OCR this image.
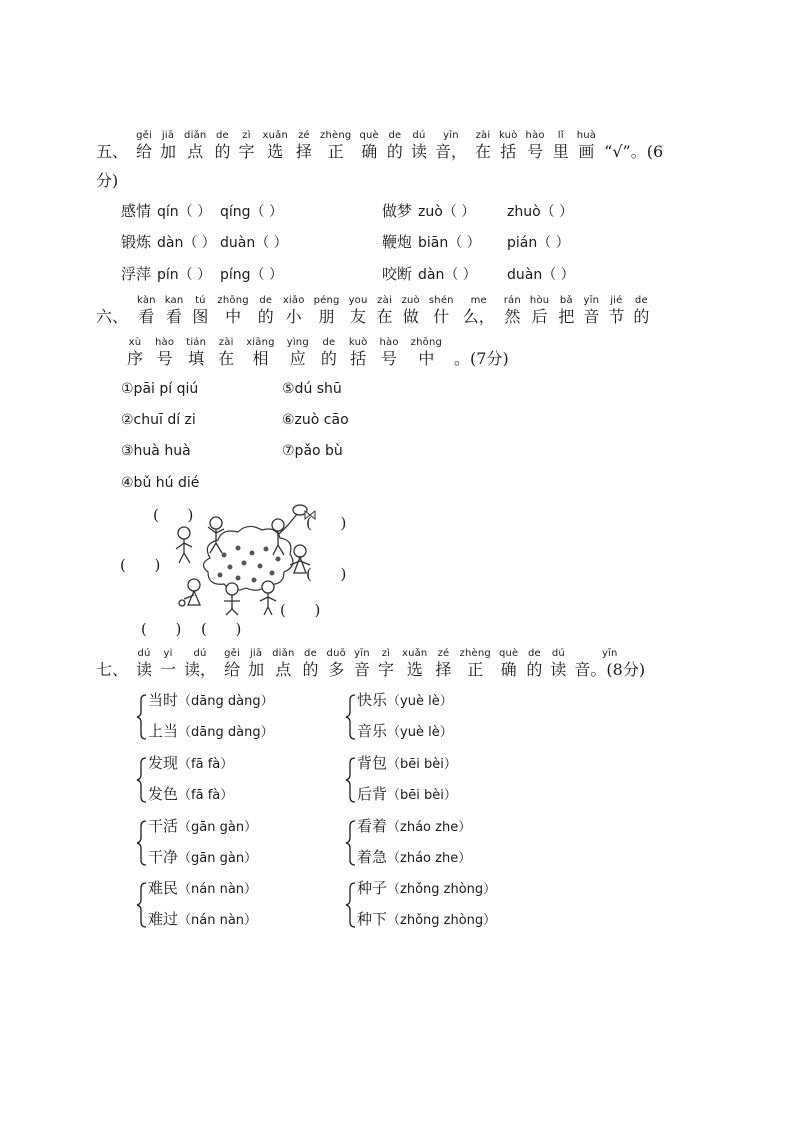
五、
gěi
给
jiā
加
diǎn
点
de
的
zì
字
xuǎn
选
zé
择
zhèng
正
què
确
de
的
dú
读
yīn
音，
zài
在
kuò
括
hào
号
lǐ
里
huà
画 “√”。(6
分)
感情 qín（ ） qíng（ ）	做梦 zuò（ ） zhuò（ ）
锻炼 dàn（ ） duàn（ ）	鞭炮 biān（ ） pián（ ）
浮萍 pín（ ） píng（ ）	咬断 dàn（ ） duàn（ ）
六、
kàn
看
kan
看
tú
图
zhōng
中
de
的
xiǎo
小
péng
朋
you
友
zài
在
zuò
做
shén
什
me
么，
rán
然
hòu
后
bǎ
把
yīn
音
jié
节
de
的
xù
序
hào
号
tián
填
zài
在
xiāng
相
yìng
应
de
的
kuò
括
hào
号
zhōng
中 。(7分)
①pāi pí qiú
②chuī dí zi
③huà huà
④bǔ hú dié
⑤dú shū
⑥zuò cāo
⑦pǎo bù
(      )	(      )
(      )	(      )
(      )
(      ) (      )
七、
dú
读
yi
一
dú
读，
gěi
给
jiā
加
diǎn
点
de
的
duō
多
yīn
音
zì
字
xuǎn
选
zé
择
zhèng
正
què
确
de
的
dú
读
yīn
音。(8分)
当时（dāng dàng）
上当（dāng dàng）
快乐（yuè lè）
音乐（yuè lè）
发现（fā fà）
发色（fā fà）
背包（bēi bèi）
后背（bēi bèi）
干活（gān gàn）
干净（gān gàn）
看着（zháo zhe）
着急（zháo zhe）
难民（nán nàn）
难过（nán nàn）
种子（zhǒng zhòng）
种下（zhǒng zhòng）
